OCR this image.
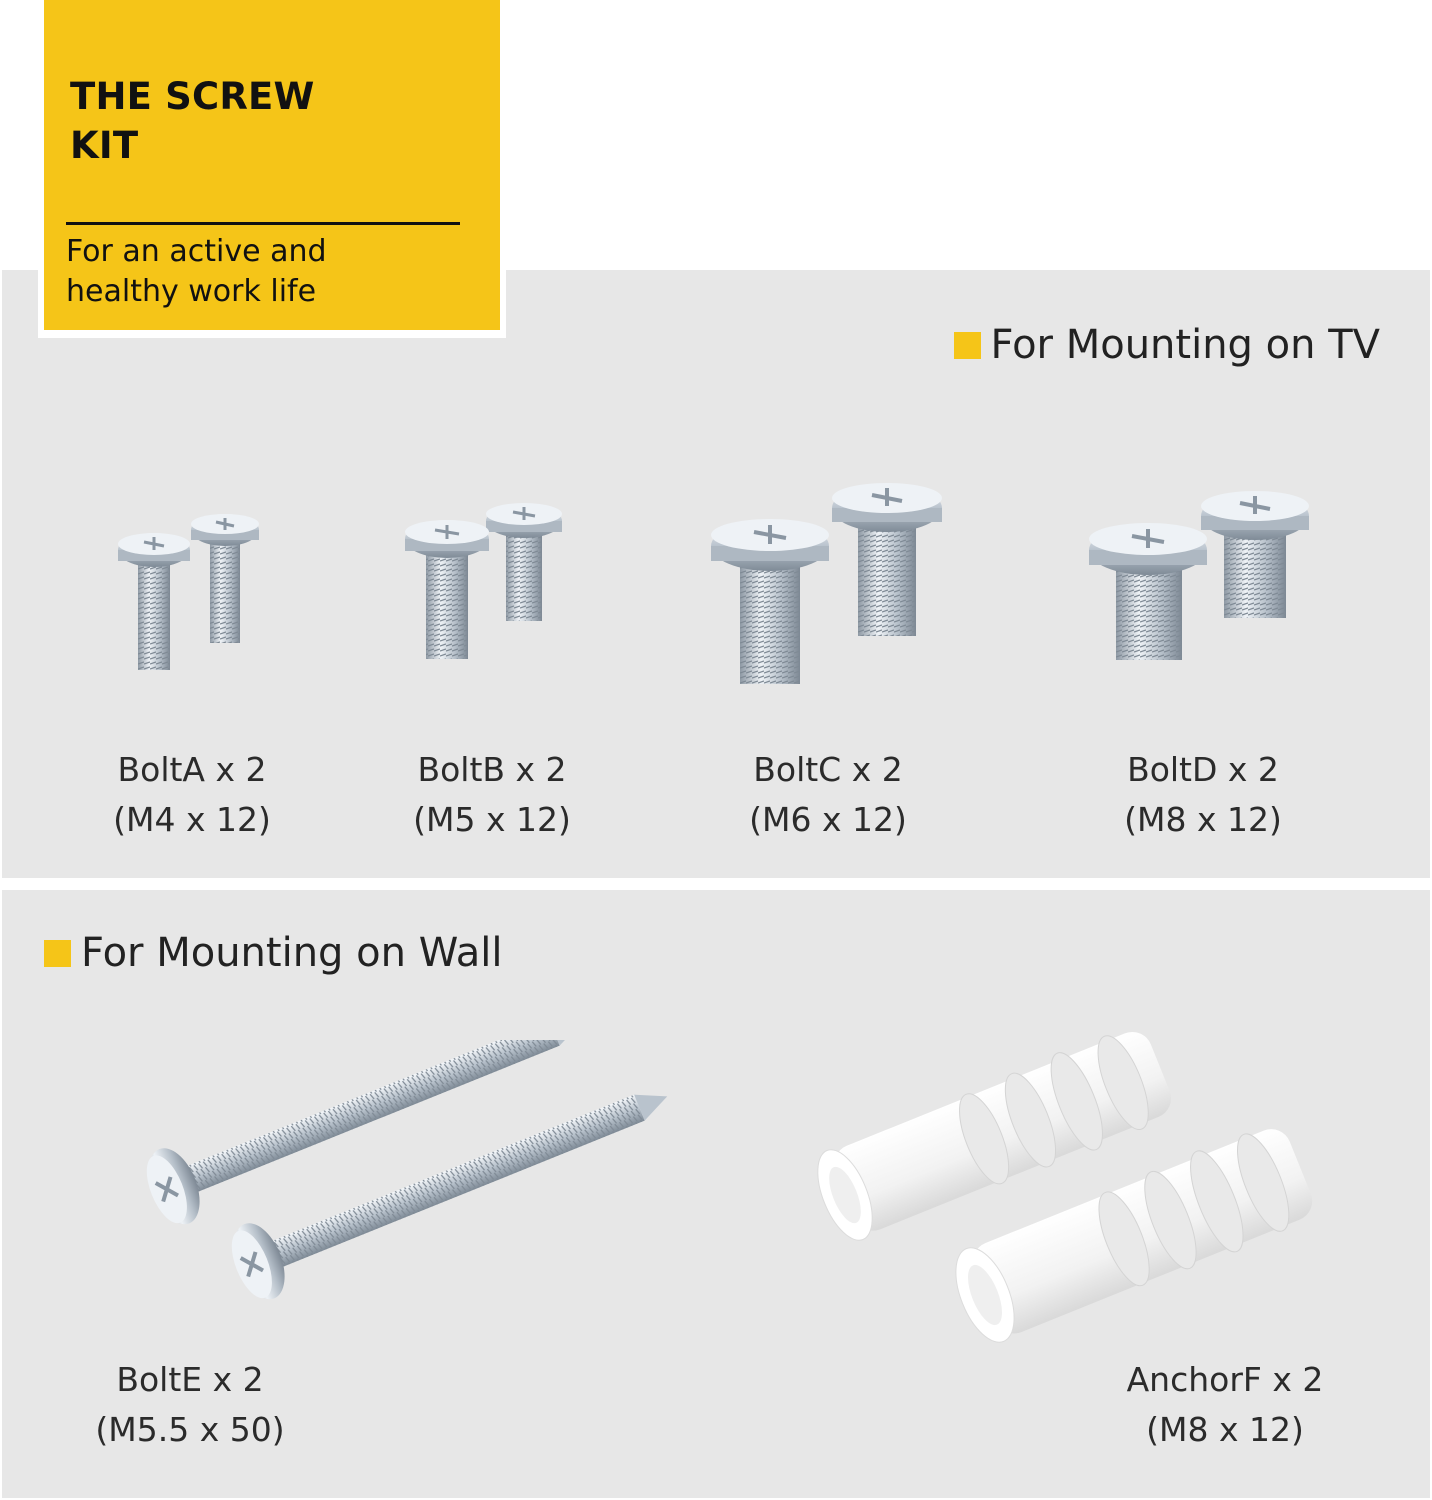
THE SCREW
KIT
For an active and
healthy work life
For Mounting on TV
For Mounting on Wall
BoltA x 2
(M4 x 12)
BoltB x 2
(M5 x 12)
BoltC x 2
(M6 x 12)
BoltD x 2
(M8 x 12)
BoltE x 2
(M5.5 x 50)
AnchorF x 2
(M8 x 12)
